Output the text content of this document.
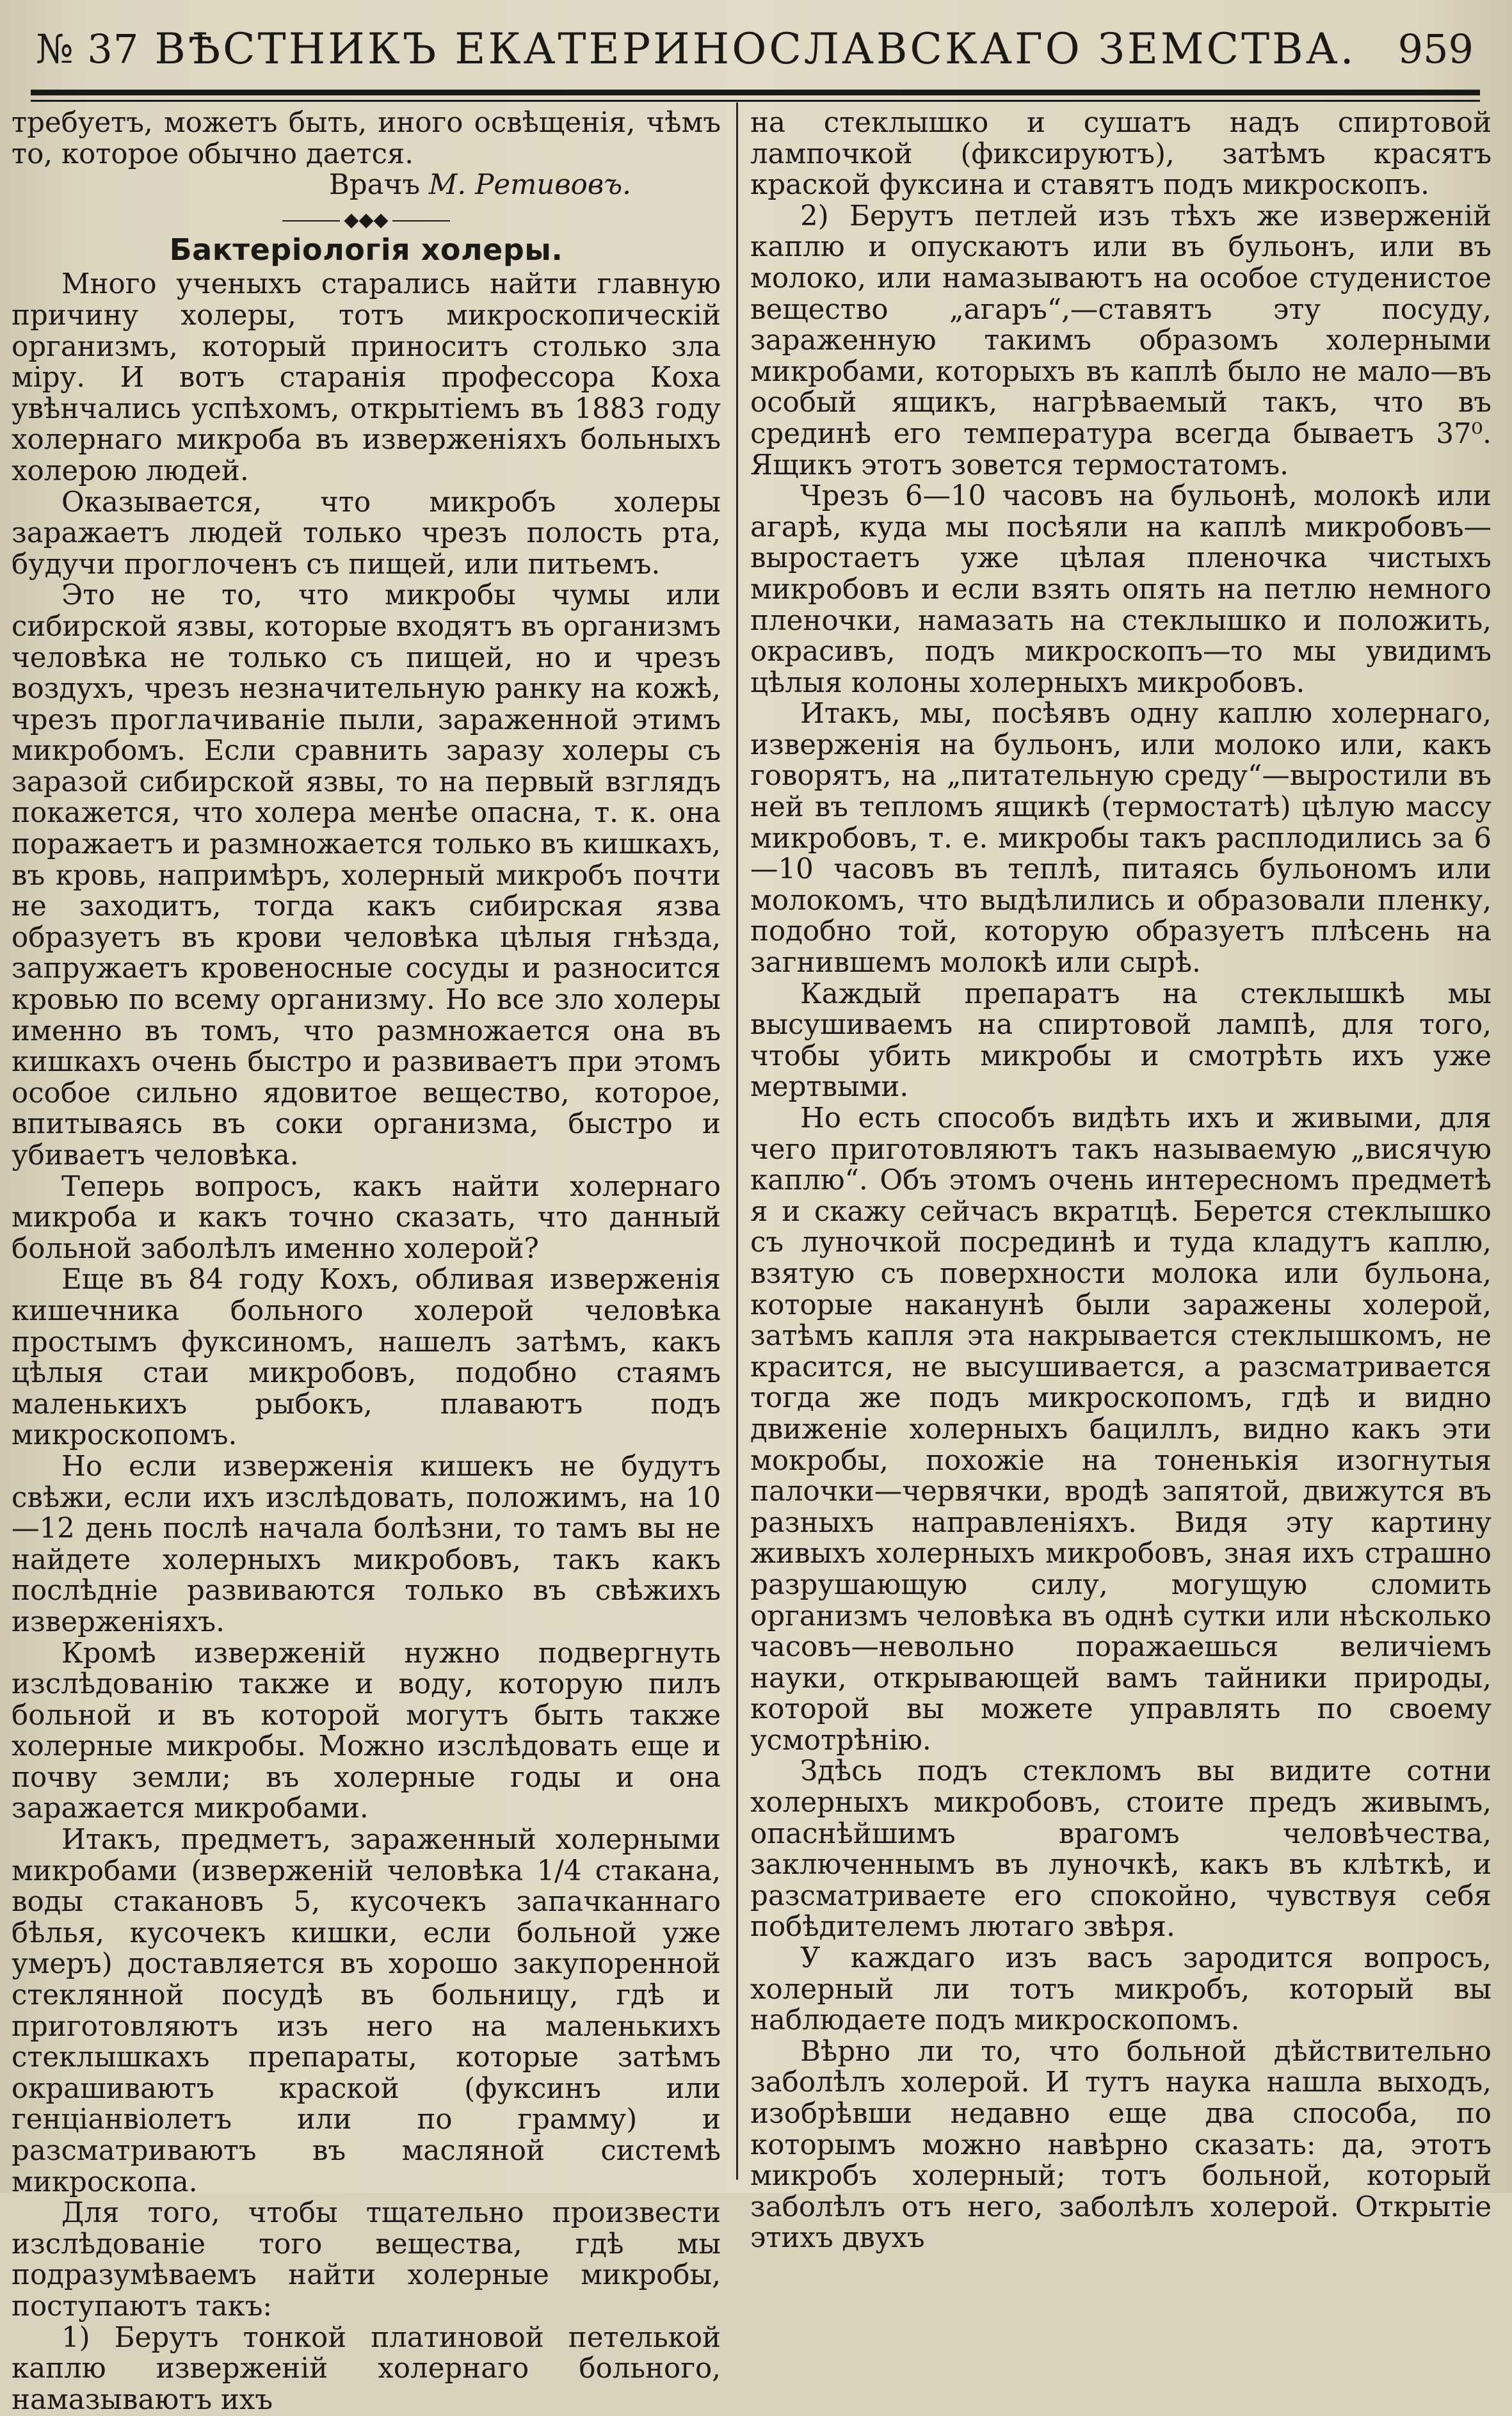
№ 37 ВѢСТНИКЪ ЕКАТЕРИНОСЛАВСКАГО ЗЕМСТВА.	959

требуетъ, можетъ быть, иного освѣщенія, чѣмъ то, которое обычно дается.

Врачъ М. Ретивовъ.

◆◆◆

Бактеріологія холеры.

Много ученыхъ старались найти главную причину холеры, тотъ микроскопическій организмъ, который приноситъ столько зла міру. И вотъ старанія профессора Коха увѣнчались успѣхомъ, открытіемъ въ 1883 году холернаго микроба въ изверженіяхъ больныхъ холерою людей.

Оказывается, что микробъ холеры заражаетъ людей только чрезъ полость рта, будучи проглоченъ съ пищей, или питьемъ.

Это не то, что микробы чумы или сибирской язвы, которые входятъ въ организмъ человѣка не только съ пищей, но и чрезъ воздухъ, чрезъ незначительную ранку на кожѣ, чрезъ проглачиваніе пыли, зараженной этимъ микробомъ. Если сравнить заразу холеры съ заразой сибирской язвы, то на первый взглядъ покажется, что холера менѣе опасна, т. к. она поражаетъ и размножается только въ кишкахъ, въ кровь, напримѣръ, холерный микробъ почти не заходитъ, тогда какъ сибирская язва образуетъ въ крови человѣка цѣлыя гнѣзда, запружаетъ кровеносные сосуды и разносится кровью по всему организму. Но все зло холеры именно въ томъ, что размножается она въ кишкахъ очень быстро и развиваетъ при этомъ особое сильно ядовитое вещество, которое, впитываясь въ соки организма, быстро и убиваетъ человѣка.

Теперь вопросъ, какъ найти холернаго микроба и какъ точно сказать, что данный больной заболѣлъ именно холерой?

Еще въ 84 году Кохъ, обливая изверженія кишечника больного холерой человѣка простымъ фуксиномъ, нашелъ затѣмъ, какъ цѣлыя стаи микробовъ, подобно стаямъ маленькихъ рыбокъ, плаваютъ подъ микроскопомъ.

Но если изверженія кишекъ не будутъ свѣжи, если ихъ изслѣдовать, положимъ, на 10—12 день послѣ начала болѣзни, то тамъ вы не найдете холерныхъ микробовъ, такъ какъ послѣдніе развиваются только въ свѣжихъ изверженіяхъ.

Кромѣ изверженій нужно подвергнуть изслѣдованію также и воду, которую пилъ больной и въ которой могутъ быть также холерные микробы. Можно изслѣдовать еще и почву земли; въ холерные годы и она заражается микробами.

Итакъ, предметъ, зараженный холерными микробами (изверженій человѣка 1/4 стакана, воды стакановъ 5, кусочекъ запачканнаго бѣлья, кусочекъ кишки, если больной уже умеръ) доставляется въ хорошо закупоренной стеклянной посудѣ въ больницу, гдѣ и приготовляютъ изъ него на маленькихъ стеклышкахъ препараты, которые затѣмъ окрашиваютъ краской (фуксинъ или генціанвіолетъ или по грамму) и разсматриваютъ въ масляной системѣ микроскопа.

Для того, чтобы тщательно произвести изслѣдованіе того вещества, гдѣ мы подразумѣваемъ найти холерные микробы, поступаютъ такъ:

1) Берутъ тонкой платиновой петелькой каплю изверженій холернаго больного, намазываютъ ихъ

на стеклышко и сушатъ надъ спиртовой лампочкой (фиксируютъ), затѣмъ красятъ краской фуксина и ставятъ подъ микроскопъ.

2) Берутъ петлей изъ тѣхъ же изверженій каплю и опускаютъ или въ бульонъ, или въ молоко, или намазываютъ на особое студенистое вещество „агаръ“,—ставятъ эту посуду, зараженную такимъ образомъ холерными микробами, которыхъ въ каплѣ было не мало—въ особый ящикъ, нагрѣваемый такъ, что въ срединѣ его температура всегда бываетъ 37⁰. Ящикъ этотъ зовется термостатомъ.

Чрезъ 6—10 часовъ на бульонѣ, молокѣ или агарѣ, куда мы посѣяли на каплѣ микробовъ—выростаетъ уже цѣлая пленочка чистыхъ микробовъ и если взять опять на петлю немного пленочки, намазать на стеклышко и положить, окрасивъ, подъ микроскопъ—то мы увидимъ цѣлыя колоны холерныхъ микробовъ.

Итакъ, мы, посѣявъ одну каплю холернаго, изверженія на бульонъ, или молоко или, какъ говорятъ, на „питательную среду“—выростили въ ней въ тепломъ ящикѣ (термостатѣ) цѣлую массу микробовъ, т. е. микробы такъ расплодились за 6—10 часовъ въ теплѣ, питаясь бульономъ или молокомъ, что выдѣлились и образовали пленку, подобно той, которую образуетъ плѣсень на загнившемъ молокѣ или сырѣ.

Каждый препаратъ на стеклышкѣ мы высушиваемъ на спиртовой лампѣ, для того, чтобы убить микробы и смотрѣть ихъ уже мертвыми.

Но есть способъ видѣть ихъ и живыми, для чего приготовляютъ такъ называемую „висячую каплю“. Объ этомъ очень интересномъ предметѣ я и скажу сейчасъ вкратцѣ. Берется стеклышко съ луночкой посрединѣ и туда кладутъ каплю, взятую съ поверхности молока или бульона, которые наканунѣ были заражены холерой, затѣмъ капля эта накрывается стеклышкомъ, не красится, не высушивается, а разсматривается тогда же подъ микроскопомъ, гдѣ и видно движеніе холерныхъ бациллъ, видно какъ эти мокробы, похожіе на тоненькія изогнутыя палочки—червячки, вродѣ запятой, движутся въ разныхъ направленіяхъ. Видя эту картину живыхъ холерныхъ микробовъ, зная ихъ страшно разрушающую силу, могущую сломить организмъ человѣка въ однѣ сутки или нѣсколько часовъ—невольно поражаешься величіемъ науки, открывающей вамъ тайники природы, которой вы можете управлять по своему усмотрѣнію.

Здѣсь подъ стекломъ вы видите сотни холерныхъ микробовъ, стоите предъ живымъ, опаснѣйшимъ врагомъ человѣчества, заключеннымъ въ луночкѣ, какъ въ клѣткѣ, и разсматриваете его спокойно, чувствуя себя побѣдителемъ лютаго звѣря.

У каждаго изъ васъ зародится вопросъ, холерный ли тотъ микробъ, который вы наблюдаете подъ микроскопомъ.

Вѣрно ли то, что больной дѣйствительно заболѣлъ холерой. И тутъ наука нашла выходъ, изобрѣвши недавно еще два способа, по которымъ можно навѣрно сказать: да, этотъ микробъ холерный; тотъ больной, который заболѣлъ отъ него, заболѣлъ холерой. Открытіе этихъ двухъ
